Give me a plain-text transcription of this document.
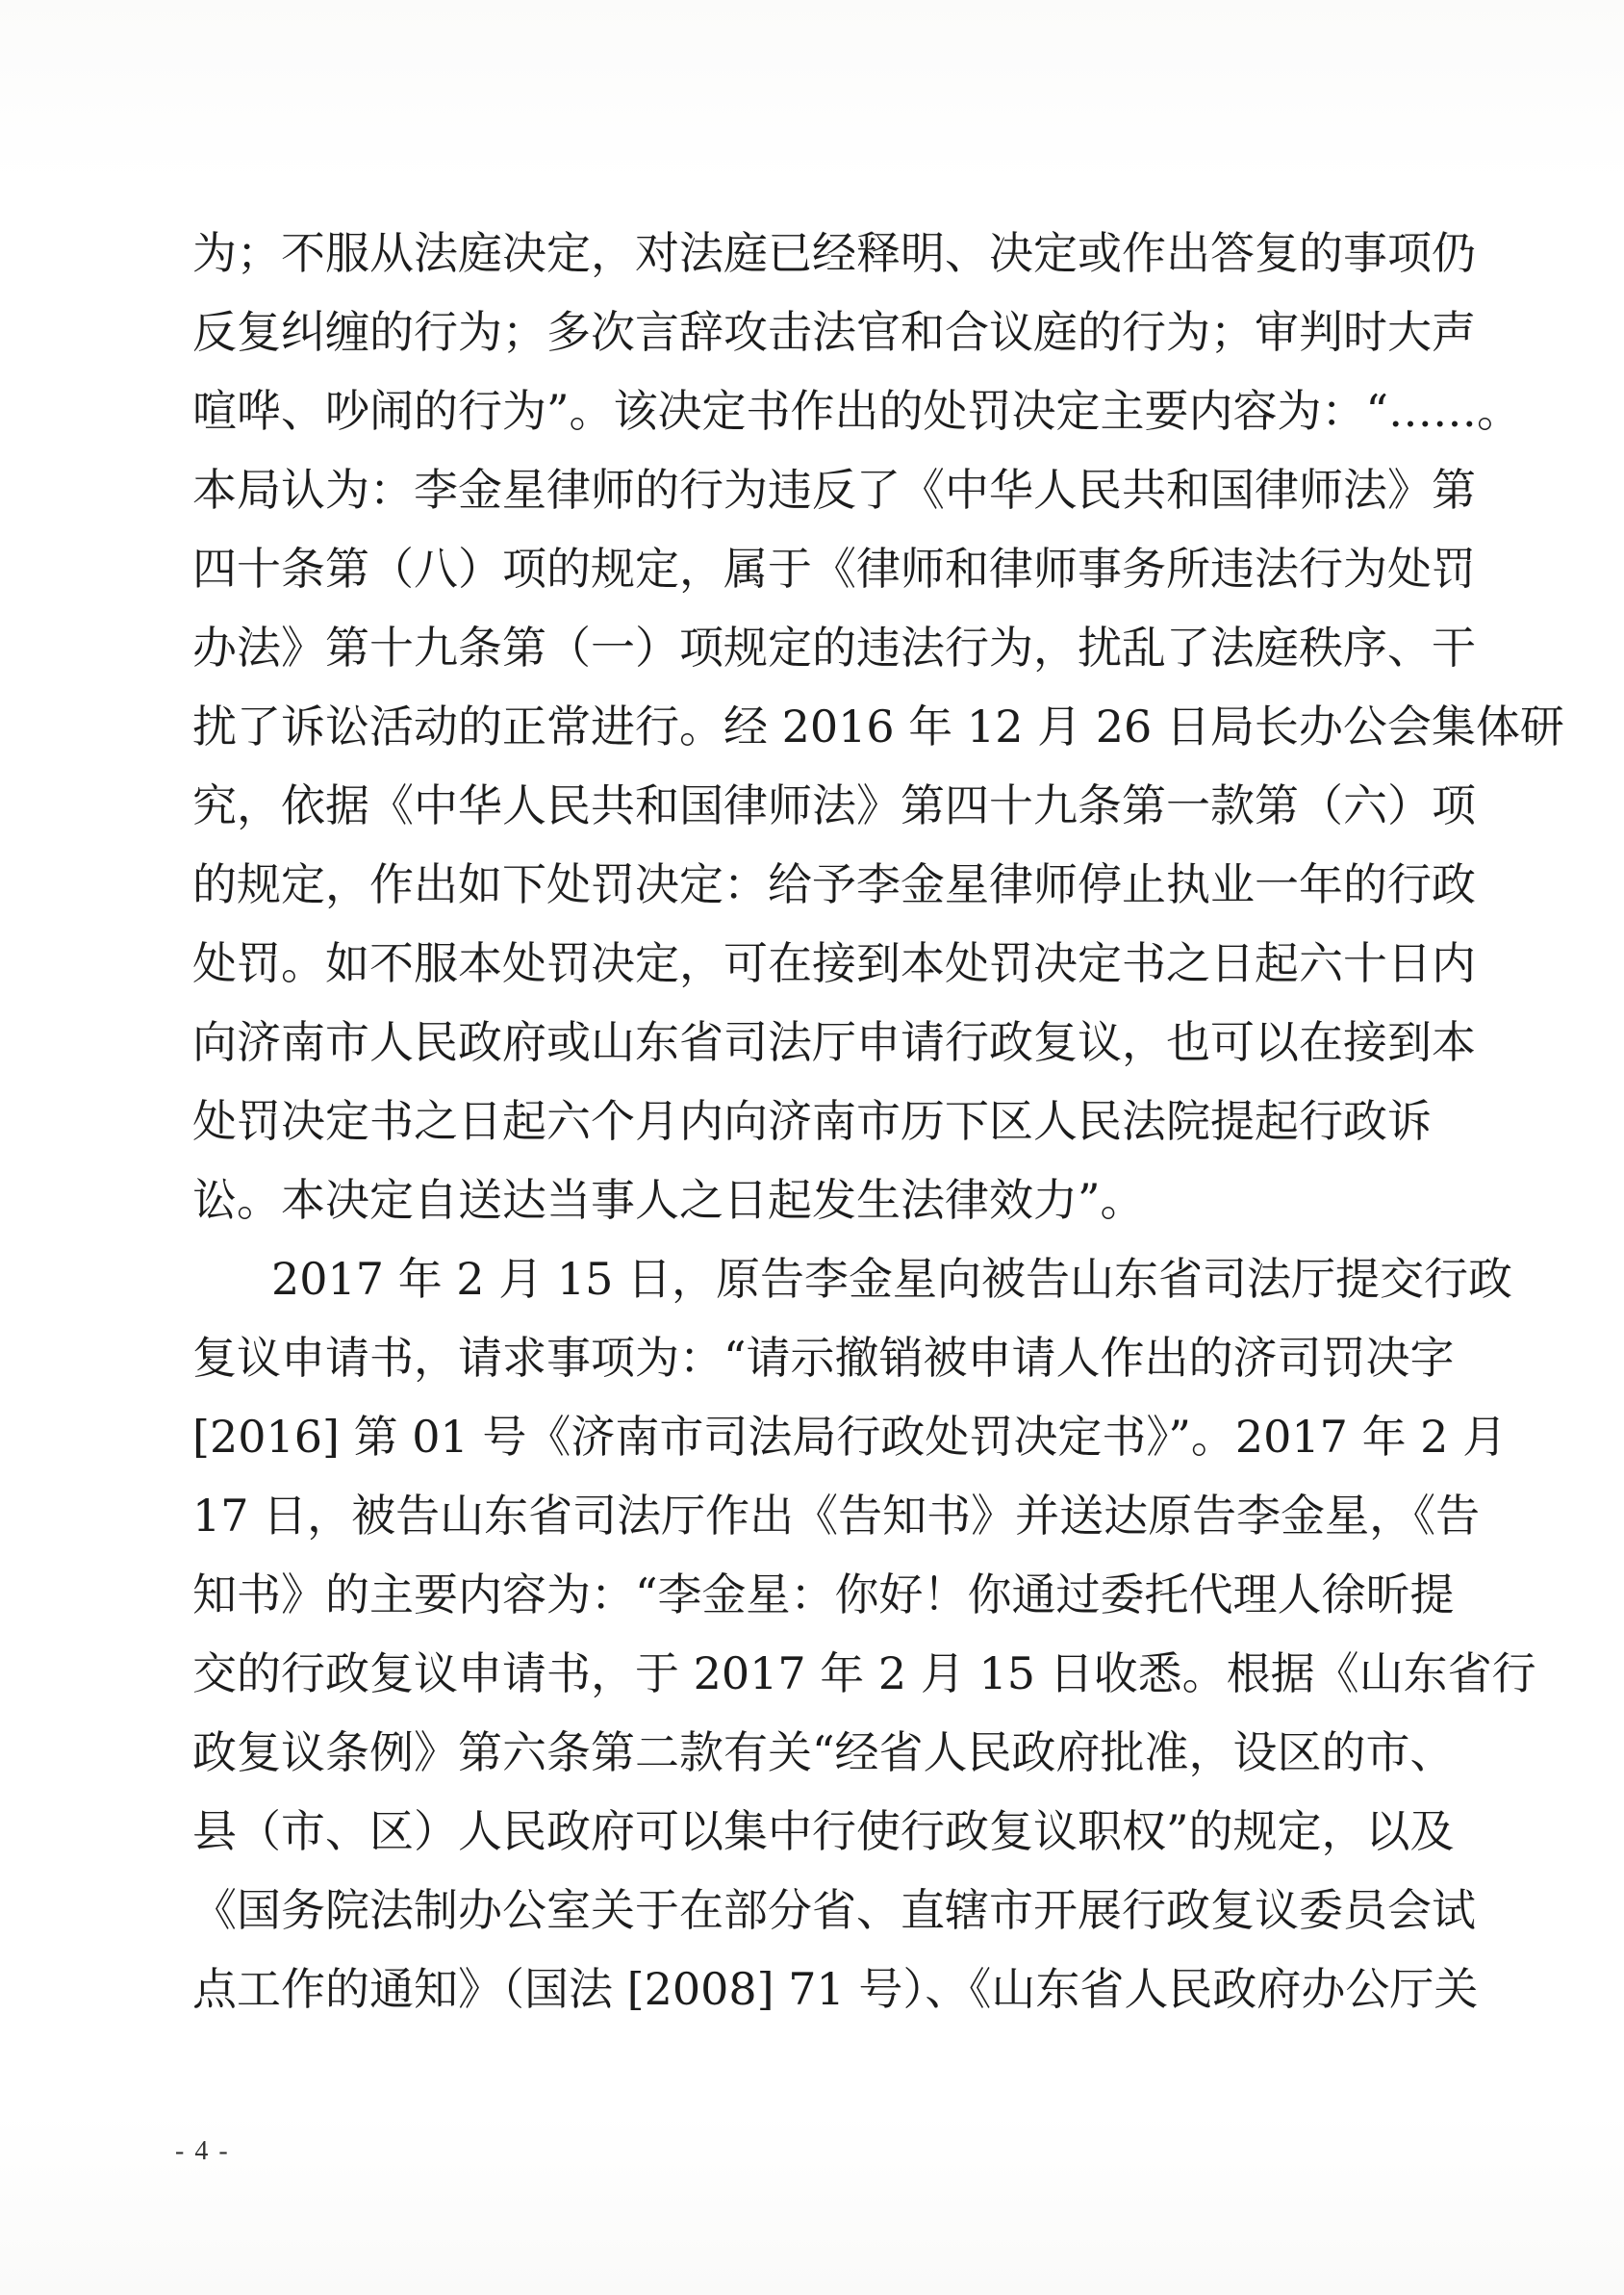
为；不服从法庭决定，对法庭已经释明、决定或作出答复的事项仍
反复纠缠的行为；多次言辞攻击法官和合议庭的行为；审判时大声
喧哗、吵闹的行为”。该决定书作出的处罚决定主要内容为：“……。
本局认为：李金星律师的行为违反了《中华人民共和国律师法》第
四十条第（八）项的规定，属于《律师和律师事务所违法行为处罚
办法》第十九条第（一）项规定的违法行为，扰乱了法庭秩序、干
扰了诉讼活动的正常进行。经 2016 年 12 月 26 日局长办公会集体研
究，依据《中华人民共和国律师法》第四十九条第一款第（六）项
的规定，作出如下处罚决定：给予李金星律师停止执业一年的行政
处罚。如不服本处罚决定，可在接到本处罚决定书之日起六十日内
向济南市人民政府或山东省司法厅申请行政复议，也可以在接到本
处罚决定书之日起六个月内向济南市历下区人民法院提起行政诉
讼。本决定自送达当事人之日起发生法律效力”。
2017 年 2 月 15 日，原告李金星向被告山东省司法厅提交行政
复议申请书，请求事项为：“请示撤销被申请人作出的济司罚决字
[2016] 第 01 号《济南市司法局行政处罚决定书》”。2017 年 2 月
17 日，被告山东省司法厅作出《告知书》并送达原告李金星，《告
知书》的主要内容为：“李金星：你好！你通过委托代理人徐昕提
交的行政复议申请书，于 2017 年 2 月 15 日收悉。根据《山东省行
政复议条例》第六条第二款有关“经省人民政府批准，设区的市、
县（市、区）人民政府可以集中行使行政复议职权”的规定，以及
《国务院法制办公室关于在部分省、直辖市开展行政复议委员会试
点工作的通知》（国法 [2008] 71 号）、《山东省人民政府办公厅关
- 4 -
